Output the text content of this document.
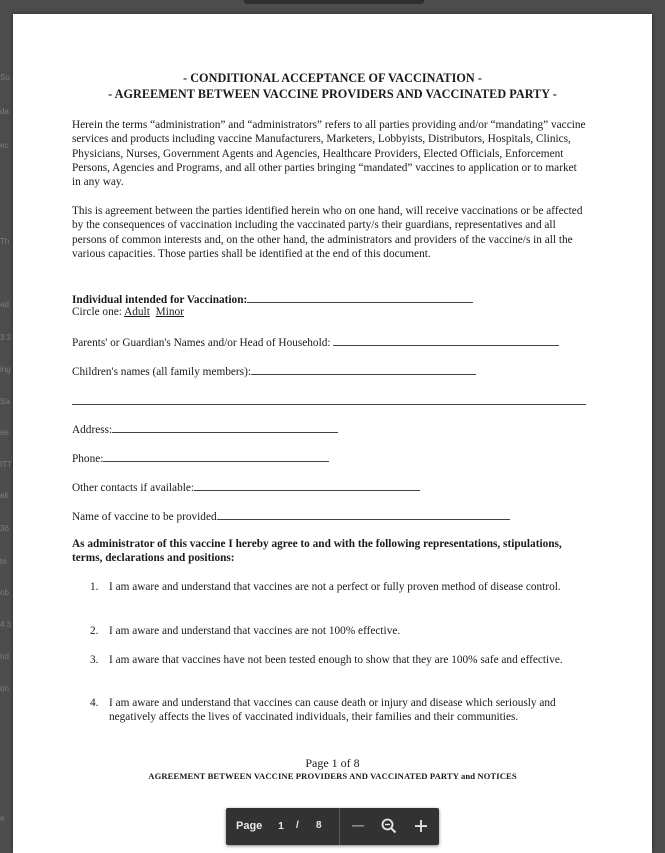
Su
da
ec
Th
ad
3 2
ing
Sa
ee
ITT
ali
36
to
ob
4 3
nd
on
e
- CONDITIONAL ACCEPTANCE OF VACCINATION -
- AGREEMENT BETWEEN VACCINE PROVIDERS AND VACCINATED PARTY -

Herein the terms “administration” and “administrators” refers to all parties providing and/or “mandating” vaccine services and products including vaccine Manufacturers, Marketers, Lobbyists, Distributors, Hospitals, Clinics, Physicians, Nurses, Government Agents and Agencies, Healthcare Providers, Elected Officials, Enforcement Persons, Agencies and Programs, and all other parties bringing “mandated” vaccines to application or to market in any way.

This is agreement between the parties identified herein who on one hand, will receive vaccinations or be affected by the consequences of vaccination including the vaccinated party/s their guardians, representatives and all persons of common interests and, on the other hand, the administrators and providers of the vaccine/s in all the various capacities. Those parties shall be identified at the end of this document.

Individual intended for Vaccination:
Circle one: Adult Minor
Parents' or Guardian's Names and/or Head of Household:
Children's names (all family members):
Address:
Phone:
Other contacts if available:
Name of vaccine to be provided

As administrator of this vaccine I hereby agree to and with the following representations, stipulations, terms, declarations and positions:

1. I am aware and understand that vaccines are not a perfect or fully proven method of disease control.
2. I am aware and understand that vaccines are not 100% effective.
3. I am aware that vaccines have not been tested enough to show that they are 100% safe and effective.
4. I am aware and understand that vaccines can cause death or injury and disease which seriously and negatively affects the lives of vaccinated individuals, their families and their communities.
Page 1 of 8
AGREEMENT BETWEEN VACCINE PROVIDERS AND VACCINATED PARTY and NOTICES
Page	1	/ 8
